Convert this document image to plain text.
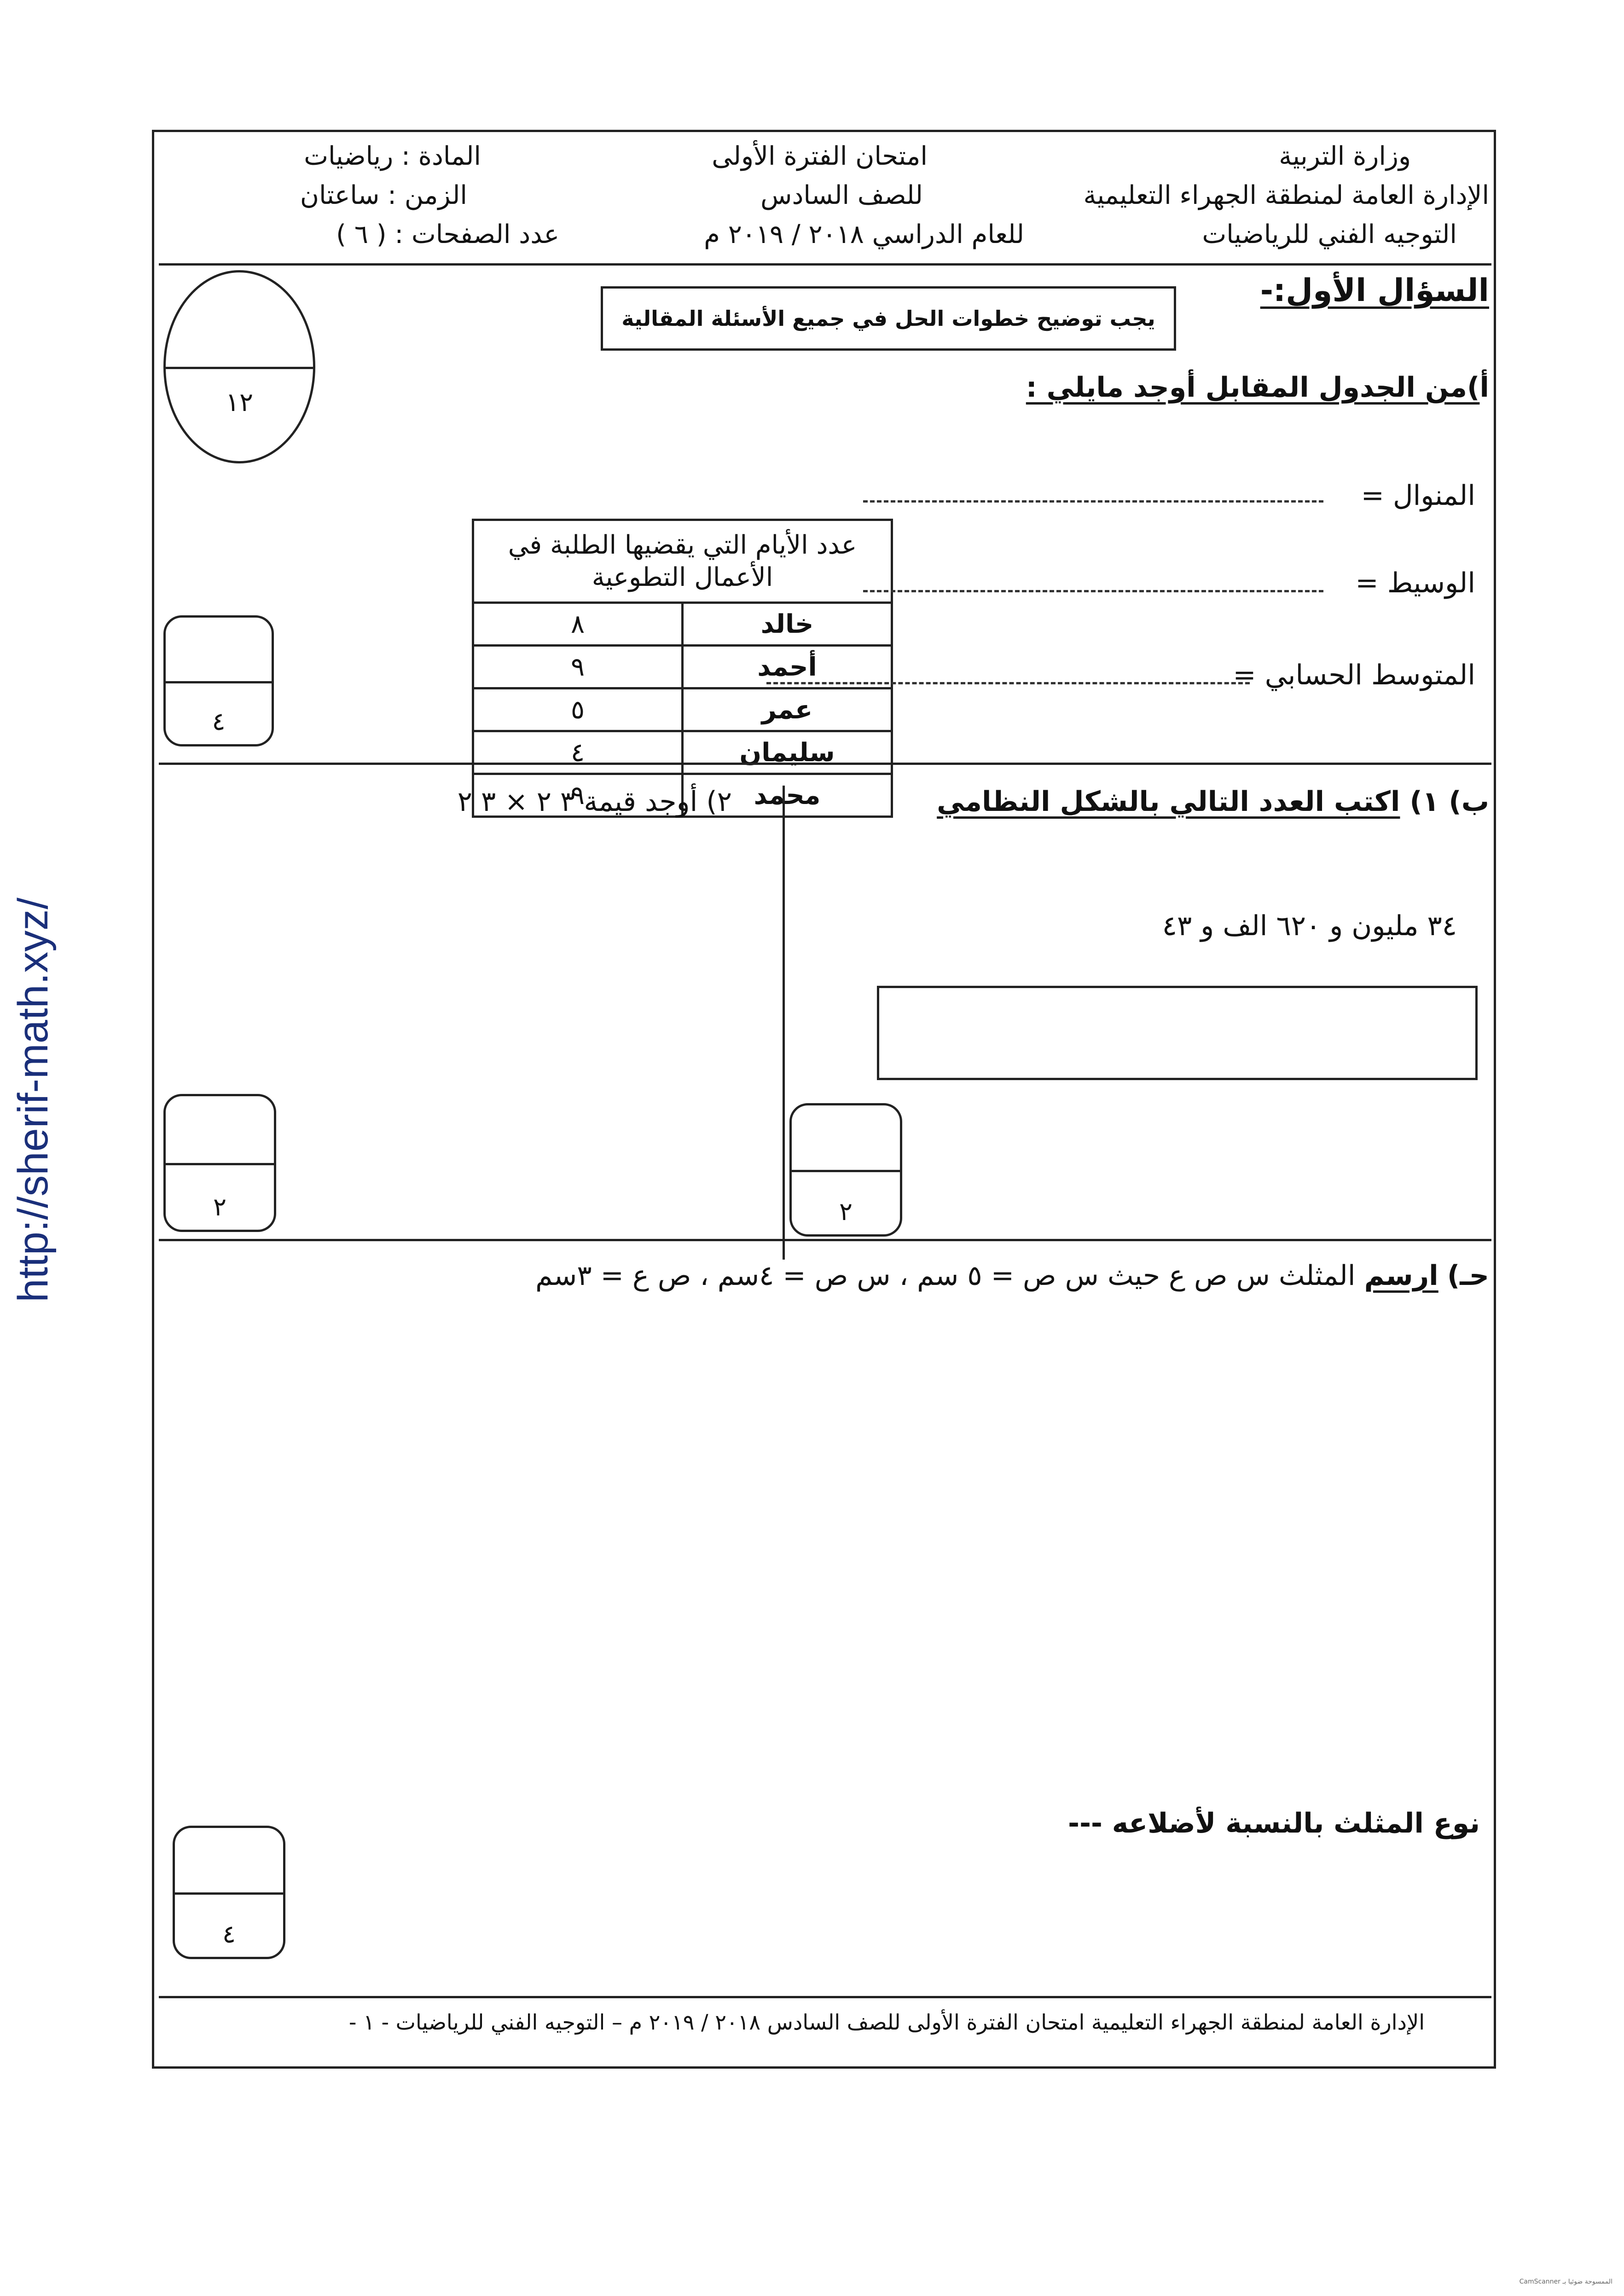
http://sherif-math.xyz/
وزارة التربية
الإدارة العامة لمنطقة الجهراء التعليمية
التوجيه الفني للرياضيات
امتحان الفترة الأولى
للصف السادس
للعام الدراسي ٢٠١٨ / ٢٠١٩ م
المادة : رياضيات
الزمن : ساعتان
عدد الصفحات : ( ٦ )
السؤال الأول:-
يجب توضيح خطوات الحل في جميع الأسئلة المقالية
١٢	أ)من الجدول المقابل أوجد مايلي :
عدد الأيام التي يقضيها الطلبة في الأعمال التطوعية	
خالد	٨
أحمد	٩
عمر	٥
سليمان	٤
محمد	٩
المنوال =
الوسيط =
المتوسط الحسابي =
٤
ب) ١) اكتب العدد التالي بالشكل النظامي
٣٤ مليون و ٦٢٠ الف و ٤٣
٢
٢) أوجد قيمة ٣ ٢ × ٣ ٢
٢
حـ) ارسم المثلث س ص ع حيث س ص = ٥ سم ، س ص = ٤سم ، ص ع = ٣سم
نوع المثلث بالنسبة لأضلاعه ---
٤
الإدارة العامة لمنطقة الجهراء التعليمية امتحان الفترة الأولى للصف السادس ٢٠١٨ / ٢٠١٩ م – التوجيه الفني للرياضيات - ١ -
CamScanner الممسوحة ضوئيا بـ
